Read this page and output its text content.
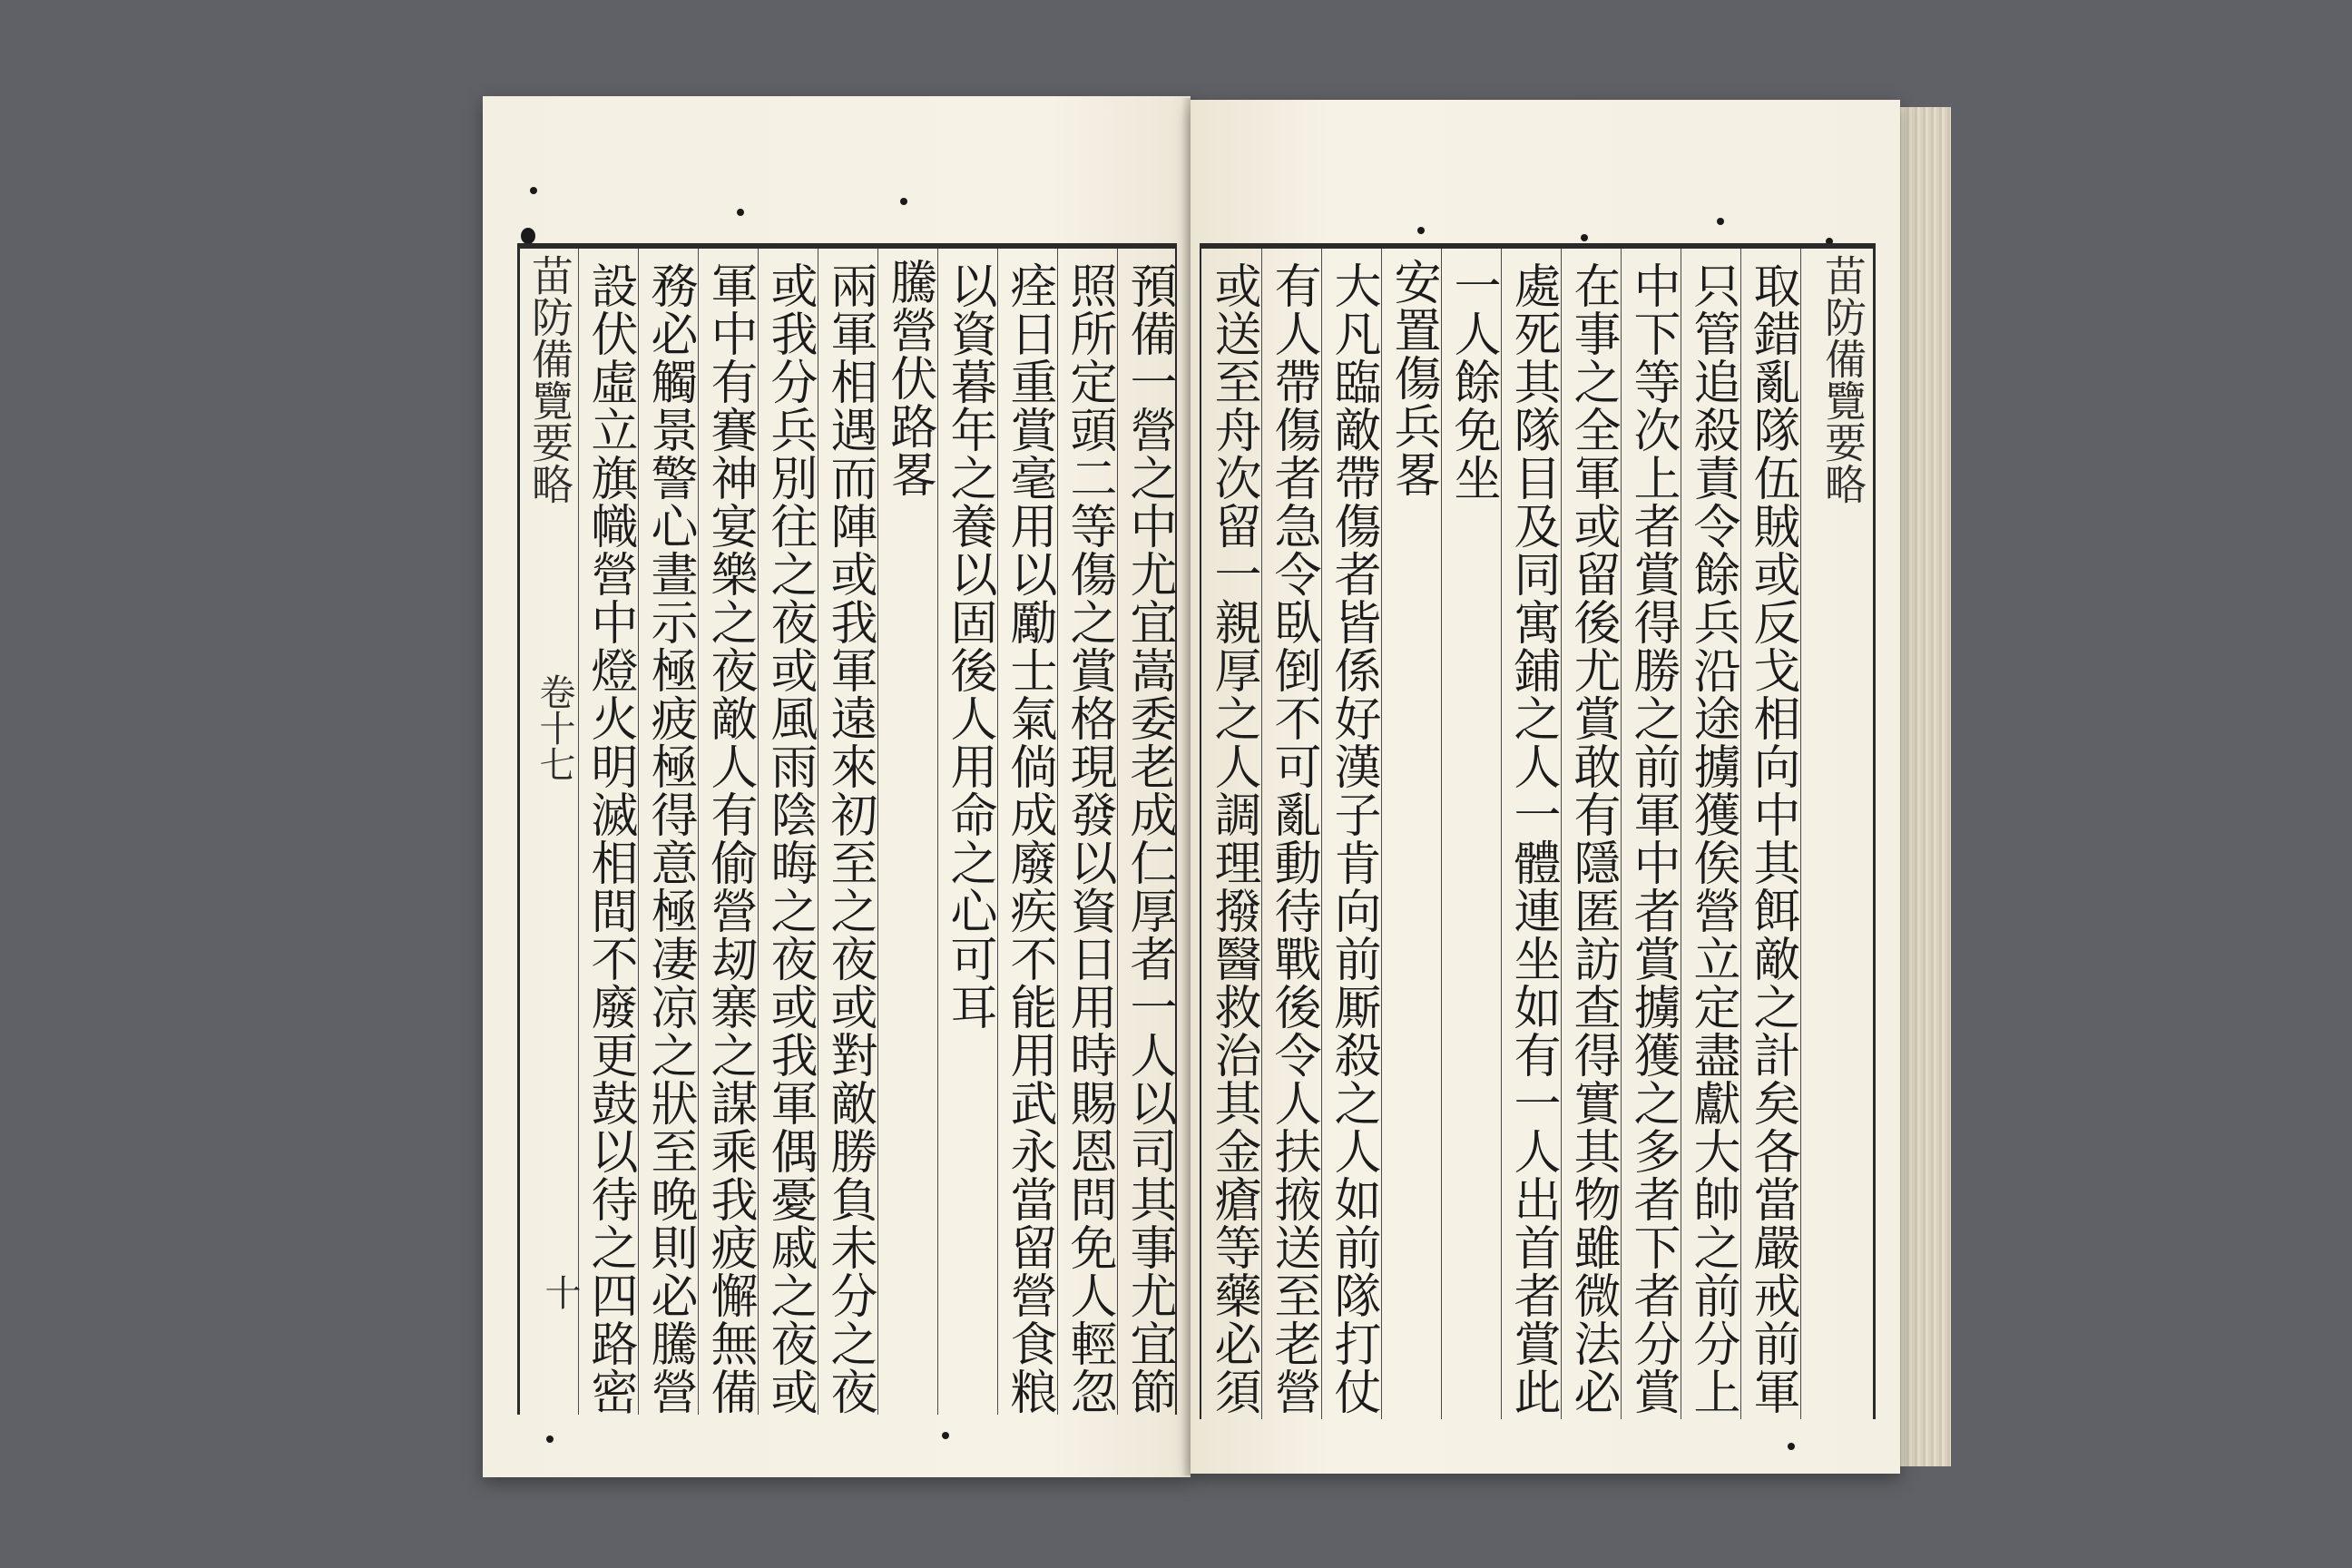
苗防備覽要略
卷十七
十	預備一營之中尤宜嵩委老成仁厚者一人以司其事尤宜節
照所定頭二等傷之賞格現發以資日用時賜恩問免人輕忽
痊日重賞毫用以勵士氣倘成廢疾不能用武永當留營食粮
以資暮年之養以固後人用命之心可耳
騰營伏路畧
兩軍相遇而陣或我軍遠來初至之夜或對敵勝負未分之夜
或我分兵別往之夜或風雨陰晦之夜或我軍偶憂戚之夜或
軍中有賽神宴樂之夜敵人有偷營刼寨之謀乘我疲懈無備
務必觸景警心晝示極疲極得意極凄凉之狀至晚則必騰營
設伏虛立旗幟營中燈火明滅相間不廢更鼓以待之四路密	苗防備覽要略
取錯亂隊伍賊或反戈相向中其餌敵之計矣各當嚴戒前軍
只管追殺責令餘兵沿途擄獲俟營立定盡獻大帥之前分上
中下等次上者賞得勝之前軍中者賞擄獲之多者下者分賞
在事之全軍或留後尤賞敢有隱匿訪查得實其物雖微法必
處死其隊目及同寓鋪之人一體連坐如有一人出首者賞此
一人餘免坐
安置傷兵畧
大凡臨敵帶傷者皆係好漢子肯向前厮殺之人如前隊打仗
有人帶傷者急令臥倒不可亂動待戰後令人扶掖送至老營
或送至舟次留一親厚之人調理撥醫救治其金瘡等藥必須
